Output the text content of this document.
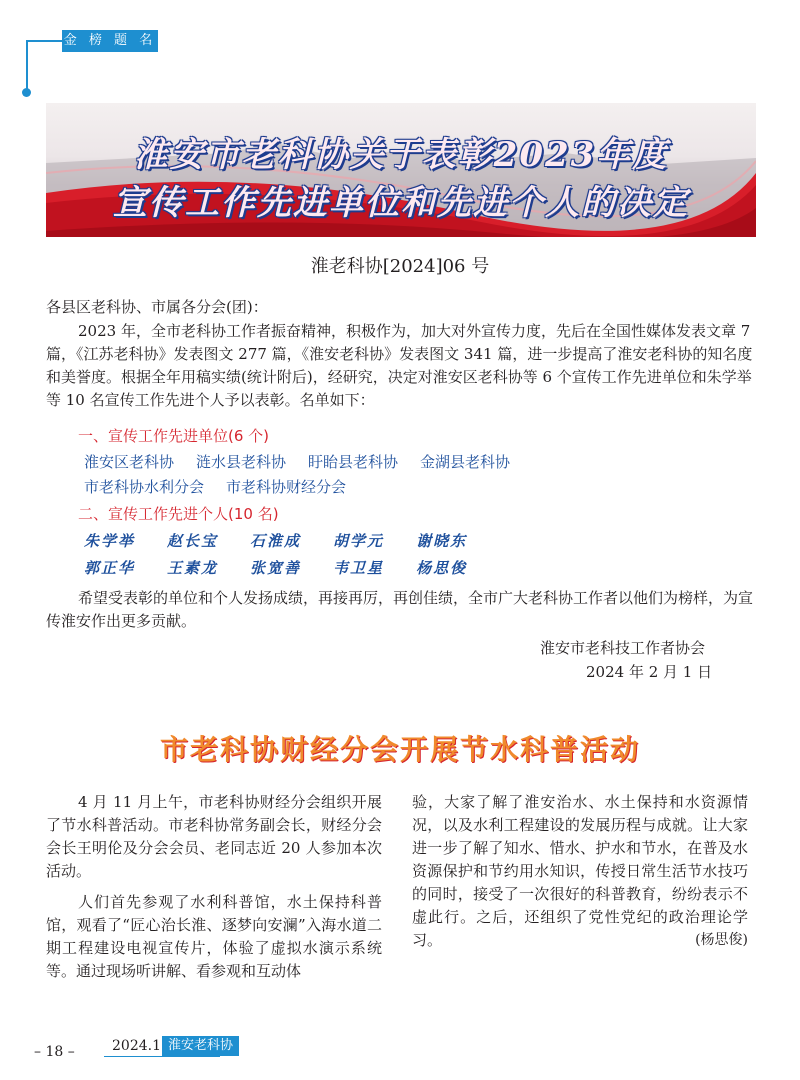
金 榜 题 名
淮安市老科协关于表彰2023年度
宣传工作先进单位和先进个人的决定
淮老科协[2024]06 号
各县区老科协、市属各分会(团)：
2023 年，全市老科协工作者振奋精神，积极作为，加大对外宣传力度，先后在全国性媒体发表文章 7 篇，《江苏老科协》发表图文 277 篇，《淮安老科协》发表图文 341 篇，进一步提高了淮安老科协的知名度和美誉度。根据全年用稿实绩(统计附后)，经研究，决定对淮安区老科协等 6 个宣传工作先进单位和朱学举等 10 名宣传工作先进个人予以表彰。名单如下：
一、宣传工作先进单位(6 个)
淮安区老科协 涟水县老科协 盱眙县老科协 金湖县老科协
市老科协水利分会 市老科协财经分会
二、宣传工作先进个人(10 名)
朱学举 赵长宝 石淮成 胡学元 谢晓东
郭正华 王素龙 张宽善 韦卫星 杨思俊
希望受表彰的单位和个人发扬成绩，再接再厉，再创佳绩，全市广大老科协工作者以他们为榜样，为宣传淮安作出更多贡献。
淮安市老科技工作者协会
2024 年 2 月 1 日
市老科协财经分会开展节水科普活动
4 月 11 月上午，市老科协财经分会组织开展了节水科普活动。市老科协常务副会长，财经分会会长王明伦及分会会员、老同志近 20 人参加本次活动。
人们首先参观了水利科普馆，水土保持科普馆，观看了“匠心治长淮、逐梦向安澜”入海水道二期工程建设电视宣传片，体验了虚拟水演示系统等。通过现场听讲解、看参观和互动体
验，大家了解了淮安治水、水土保持和水资源情况，以及水利工程建设的发展历程与成就。让大家进一步了解了知水、惜水、护水和节水，在普及水资源保护和节约用水知识，传授日常生活节水技巧的同时，接受了一次很好的科普教育，纷纷表示不虚此行。之后，还组织了党性党纪的政治理论学习。	(杨思俊)
– 18 –	2024.1 淮安老科协
